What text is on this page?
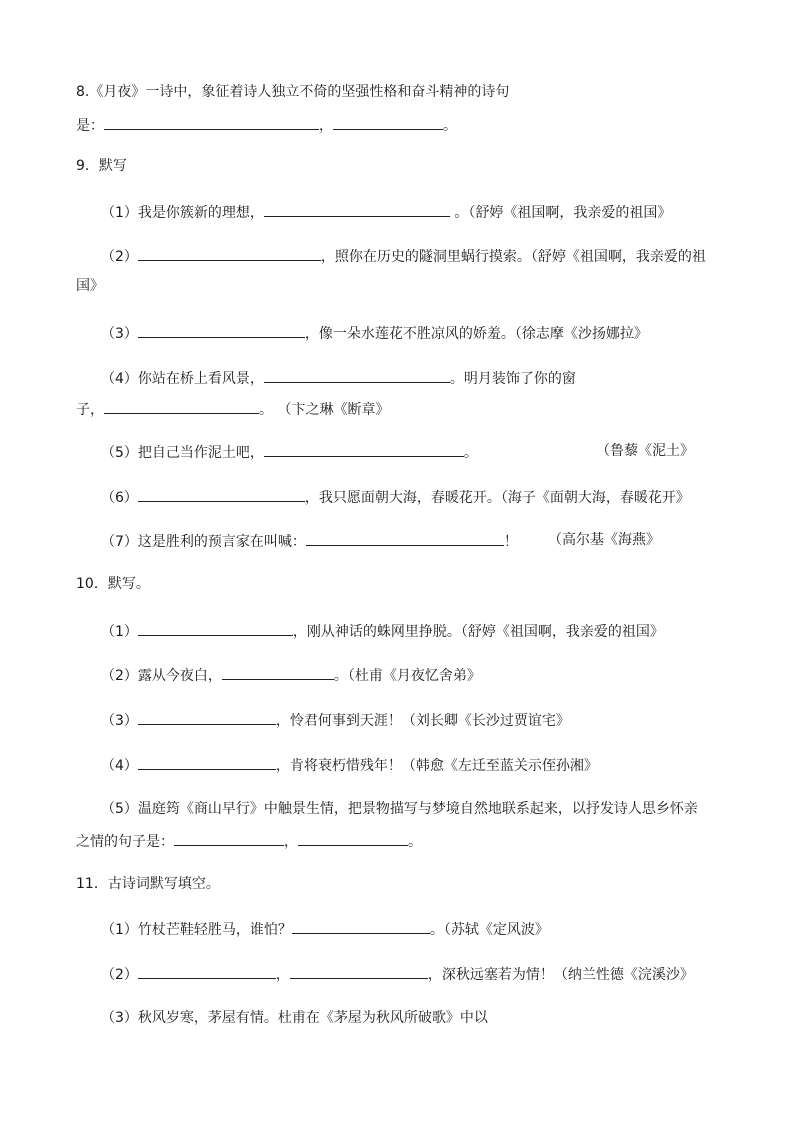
8.《月夜》一诗中，象征着诗人独立不倚的坚强性格和奋斗精神的诗句
是：	，	。
9．默写
（1）我是你簇新的理想，	。（舒婷《祖国啊，我亲爱的祖国》
（2）	，照你在历史的隧洞里蜗行摸索。（舒婷《祖国啊，我亲爱的祖
国》
（3）	，像一朵水莲花不胜凉风的娇羞。（徐志摩《沙扬娜拉》
（4）你站在桥上看风景，	。明月装饰了你的窗
子，	。 （卞之琳《断章》
（5）把自己当作泥土吧，	。	（鲁藜《泥土》
（6）	，我只愿面朝大海，春暖花开。（海子《面朝大海，春暖花开》
（7）这是胜利的预言家在叫喊：	！ （高尔基《海燕》
10．默写。
（1）	，刚从神话的蛛网里挣脱。（舒婷《祖国啊，我亲爱的祖国》
（2）露从今夜白，	。（杜甫《月夜忆舍弟》
（3）	，怜君何事到天涯！（刘长卿《长沙过贾谊宅》
（4）	，肯将衰朽惜残年！（韩愈《左迁至蓝关示侄孙湘》
（5）温庭筠《商山早行》中触景生情，把景物描写与梦境自然地联系起来，以抒发诗人思乡怀亲
之情的句子是：	，	。
11．古诗词默写填空。
（1）竹杖芒鞋轻胜马，谁怕？	。（苏轼《定风波》
（2）	，	，深秋远塞若为情！（纳兰性德《浣溪沙》
（3）秋风岁寒，茅屋有情。杜甫在《茅屋为秋风所破歌》中以
